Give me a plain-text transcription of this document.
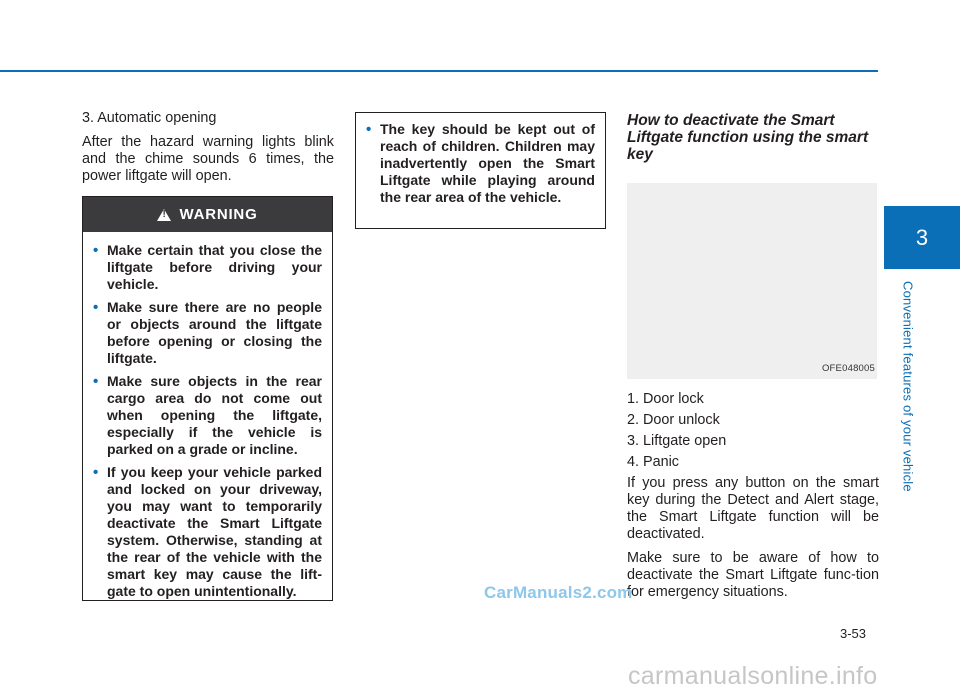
3
Convenient features of your vehicle

3. Automatic opening

After the hazard warning lights blink and the chime sounds 6 times, the power liftgate will open.

!
WARNING
• Make certain that you close the liftgate before driving your vehicle.
• Make sure there are no people or objects around the liftgate before opening or closing the liftgate.
• Make sure objects in the rear cargo area do not come out when opening the liftgate, especially if the vehicle is parked on a grade or incline.
• If you keep your vehicle parked and locked on your driveway, you may want to temporarily deactivate the Smart Liftgate system. Otherwise, standing at the rear of the vehicle with the smart key may cause the lift-gate to open unintentionally.
• The key should be kept out of reach of children. Children may inadvertently open the Smart Liftgate while playing around the rear area of the vehicle.
How to deactivate the Smart Liftgate function using the smart key
OFE048005
1. Door lock
2. Door unlock
3. Liftgate open
4. Panic

If you press any button on the smart key during the Detect and Alert stage, the Smart Liftgate function will be deactivated.

Make sure to be aware of how to deactivate the Smart Liftgate func-tion for emergency situations.

CarManuals2.com
3-53
carmanualsonline.info
